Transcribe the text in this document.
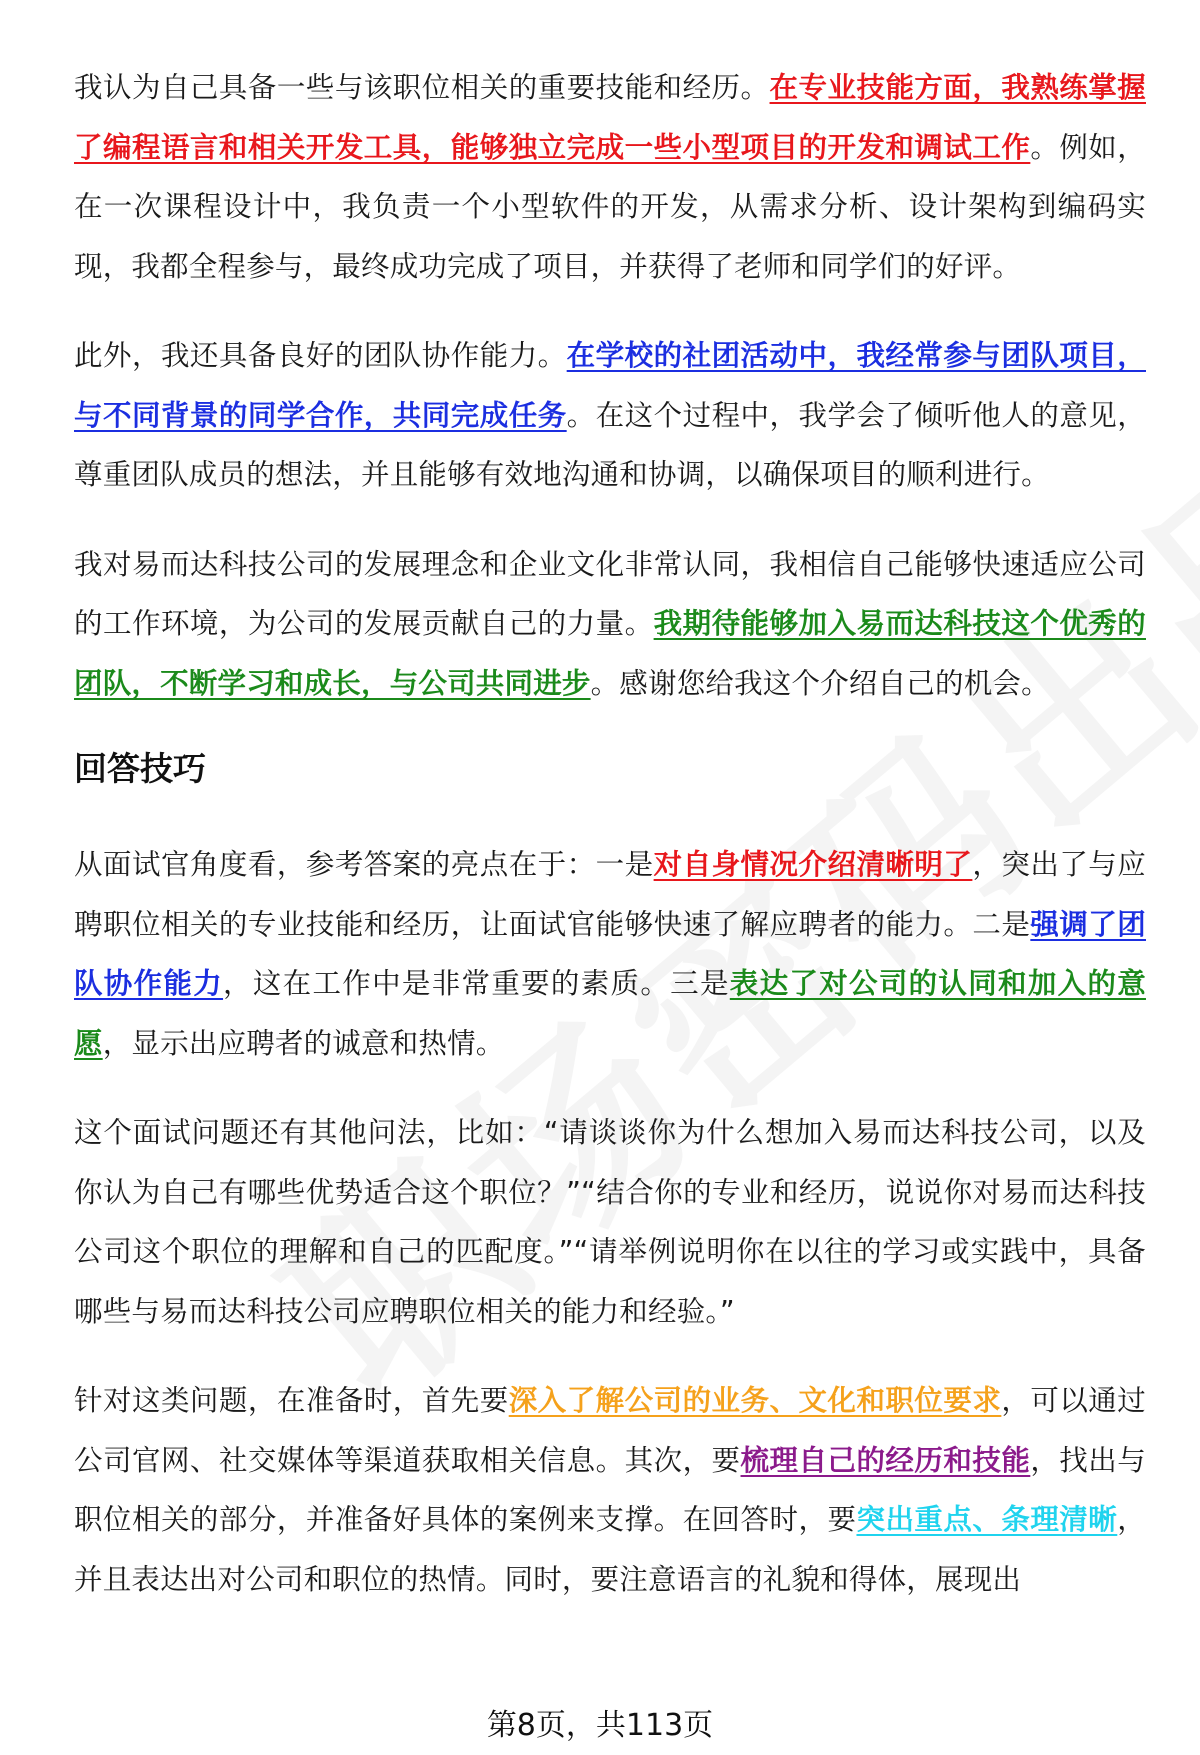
我认为自己具备一些与该职位相关的重要技能和经历。在专业技能方面，我熟练掌握了编程语言和相关开发工具，能够独立完成一些小型项目的开发和调试工作。例如，在一次课程设计中，我负责一个小型软件的开发，从需求分析、设计架构到编码实现，我都全程参与，最终成功完成了项目，并获得了老师和同学们的好评。

此外，我还具备良好的团队协作能力。在学校的社团活动中，我经常参与团队项目，与不同背景的同学合作，共同完成任务。在这个过程中，我学会了倾听他人的意见，尊重团队成员的想法，并且能够有效地沟通和协调，以确保项目的顺利进行。

我对易而达科技公司的发展理念和企业文化非常认同，我相信自己能够快速适应公司的工作环境，为公司的发展贡献自己的力量。我期待能够加入易而达科技这个优秀的团队，不断学习和成长，与公司共同进步。感谢您给我这个介绍自己的机会。

回答技巧

从面试官角度看，参考答案的亮点在于：一是对自身情况介绍清晰明了，突出了与应聘职位相关的专业技能和经历，让面试官能够快速了解应聘者的能力。二是强调了团队协作能力，这在工作中是非常重要的素质。三是表达了对公司的认同和加入的意愿，显示出应聘者的诚意和热情。

这个面试问题还有其他问法，比如：“请谈谈你为什么想加入易而达科技公司，以及你认为自己有哪些优势适合这个职位？”“结合你的专业和经历，说说你对易而达科技公司这个职位的理解和自己的匹配度。”“请举例说明你在以往的学习或实践中，具备哪些与易而达科技公司应聘职位相关的能力和经验。”

针对这类问题，在准备时，首先要深入了解公司的业务、文化和职位要求，可以通过公司官网、社交媒体等渠道获取相关信息。其次，要梳理自己的经历和技能，找出与职位相关的部分，并准备好具体的案例来支撑。在回答时，要突出重点、条理清晰，并且表达出对公司和职位的热情。同时，要注意语言的礼貌和得体，展现出

第8页，共113页
